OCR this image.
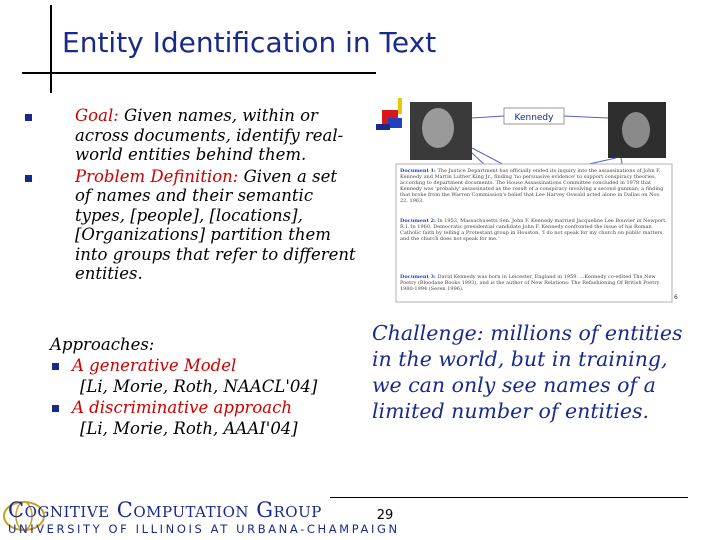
Entity Identification in Text
Goal: Given names, within or across documents, identify real-world entities behind them.
Problem Definition: Given a set of names and their semantic types, [people], [locations], [Organizations] partition them into groups that refer to different entities.
Kennedy
Document 1: The Justice Department has officially ended its inquiry into the assassinations of John F. Kennedy and Martin Luther King Jr., finding 'no persuasive evidence' to support conspiracy theories, according to department documents. The House Assassinations Committee concluded in 1978 that Kennedy was 'probably' assassinated as the result of a conspiracy involving a second gunman, a finding that broke from the Warren Commission's belief that Lee Harvey Oswald acted alone in Dallas on Nov. 22, 1963.
Document 2: In 1953, Massachusetts Sen. John F. Kennedy married Jacqueline Lee Bouvier in Newport, R.I. In 1960, Democratic presidential candidate John F. Kennedy confronted the issue of his Roman Catholic faith by telling a Protestant group in Houston, 'I do not speak for my church on public matters, and the church does not speak for me.'
Document 3: David Kennedy was born in Leicester, England in 1959. ...Kennedy co-edited The New Poetry (Bloodaxe Books 1993), and is the author of New Relations: The Refashioning Of British Poetry 1980-1994 (Seren 1996).
6
Approaches:
A generative Model
[Li, Morie, Roth, NAACL'04]
A discriminative approach
[Li, Morie, Roth, AAAI'04]
Challenge: millions of entities in the world, but in training, we can only see names of a limited number of entities.
29
Cognitive Computation Group
UNIVERSITY OF ILLINOIS AT URBANA-CHAMPAIGN
